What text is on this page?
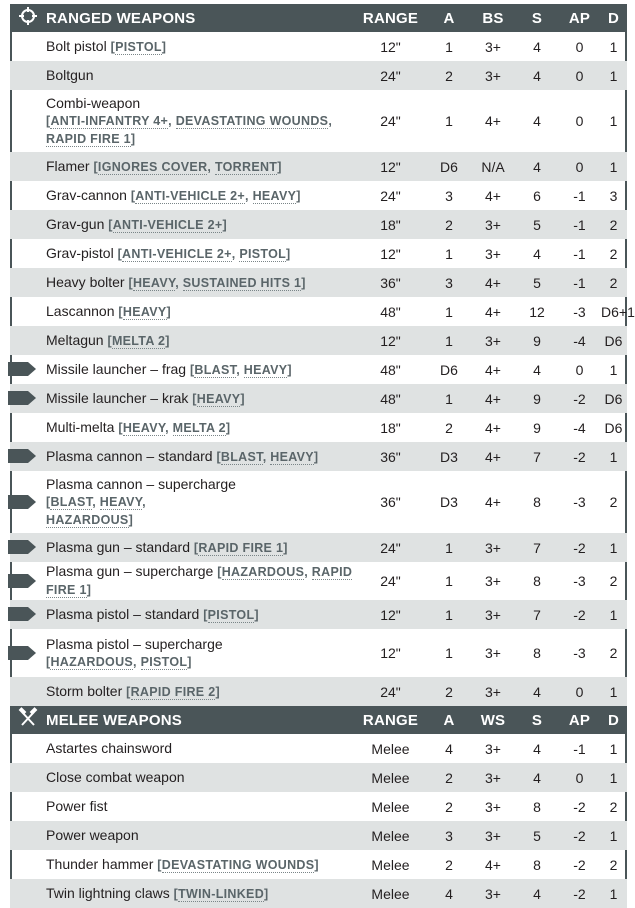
	RANGED WEAPONS	RANGE	A	BS	S	AP	D
	Bolt pistol [PISTOL]	12"	1	3+	4	0	1
	Boltgun	24"	2	3+	4	0	1
	Combi-weapon
[ANTI-INFANTRY 4+, DEVASTATING WOUNDS,
RAPID FIRE 1]	24"	1	4+	4	0	1
	Flamer [IGNORES COVER, TORRENT]	12"	D6	N/A	4	0	1
	Grav-cannon [ANTI-VEHICLE 2+, HEAVY]	24"	3	4+	6	-1	3
	Grav-gun [ANTI-VEHICLE 2+]	18"	2	3+	5	-1	2
	Grav-pistol [ANTI-VEHICLE 2+, PISTOL]	12"	1	3+	4	-1	2
	Heavy bolter [HEAVY, SUSTAINED HITS 1]	36"	3	4+	5	-1	2
	Lascannon [HEAVY]	48"	1	4+	12	-3	D6+1
	Meltagun [MELTA 2]	12"	1	3+	9	-4	D6
	Missile launcher – frag [BLAST, HEAVY]	48"	D6	4+	4	0	1
	Missile launcher – krak [HEAVY]	48"	1	4+	9	-2	D6
	Multi-melta [HEAVY, MELTA 2]	18"	2	4+	9	-4	D6
	Plasma cannon – standard [BLAST, HEAVY]	36"	D3	4+	7	-2	1
	Plasma cannon – supercharge
[BLAST, HEAVY,
HAZARDOUS]	36"	D3	4+	8	-3	2
	Plasma gun – standard [RAPID FIRE 1]	24"	1	3+	7	-2	1
	Plasma gun – supercharge [HAZARDOUS, RAPID FIRE 1]	24"	1	3+	8	-3	2
	Plasma pistol – standard [PISTOL]	12"	1	3+	7	-2	1
	Plasma pistol – supercharge
[HAZARDOUS, PISTOL]	12"	1	3+	8	-3	2
	Storm bolter [RAPID FIRE 2]	24"	2	3+	4	0	1
	MELEE WEAPONS	RANGE	A	WS	S	AP	D
	Astartes chainsword	Melee	4	3+	4	-1	1
	Close combat weapon	Melee	2	3+	4	0	1
	Power fist	Melee	2	3+	8	-2	2
	Power weapon	Melee	3	3+	5	-2	1
	Thunder hammer [DEVASTATING WOUNDS]	Melee	2	4+	8	-2	2
	Twin lightning claws [TWIN-LINKED]	Melee	4	3+	4	-2	1
